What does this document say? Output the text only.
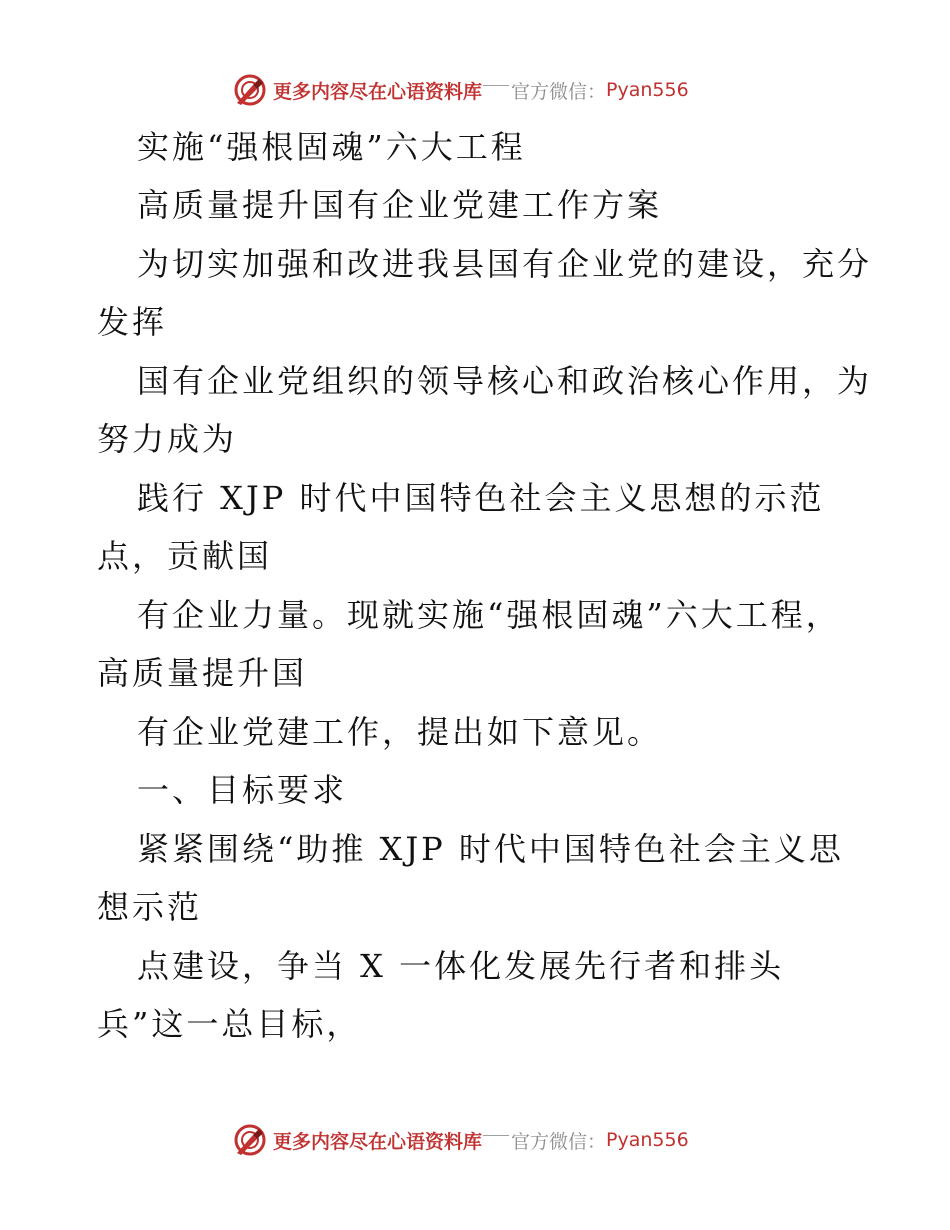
更多内容尽在心语资料库 官方微信： Pyan556
实施“强根固魂”六大工程
高质量提升国有企业党建工作方案
为切实加强和改进我县国有企业党的建设，充分
发挥
国有企业党组织的领导核心和政治核心作用，为
努力成为
践行 XJP 时代中国特色社会主义思想的示范
点，贡献国
有企业力量。现就实施“强根固魂”六大工程，
高质量提升国
有企业党建工作，提出如下意见。
一、目标要求
紧紧围绕“助推 XJP 时代中国特色社会主义思
想示范
点建设，争当 X 一体化发展先行者和排头
兵”这一总目标，
更多内容尽在心语资料库 官方微信： Pyan556
